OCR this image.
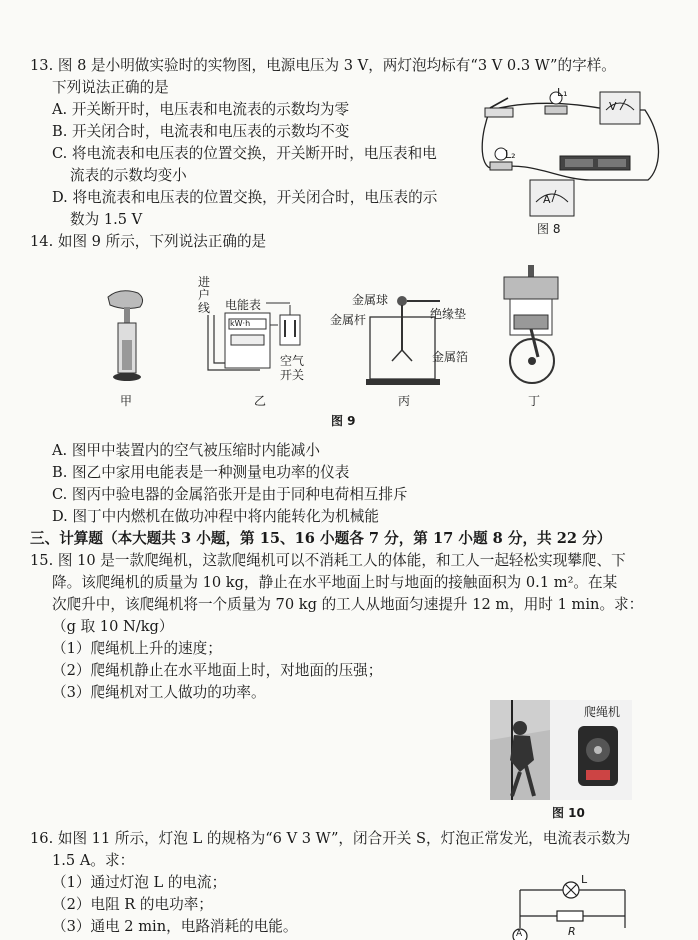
13. 图 8 是小明做实验时的实物图，电源电压为 3 V，两灯泡均标有“3 V 0.3 W”的字样。
下列说法正确的是
A. 开关断开时，电压表和电流表的示数均为零
B. 开关闭合时，电流表和电压表的示数均不变
C. 将电流表和电压表的位置交换，开关断开时，电压表和电
流表的示数均变小
D. 将电流表和电压表的位置交换，开关闭合时，电压表的示
数为 1.5 V
L₁
L₂
V
A
图 8
14. 如图 9 所示，下列说法正确的是
甲
进
户
线 电能表
kW·h
空气
开关
乙
金属球
金属杆	绝缘垫
金属箔
丙	丁
图 9
A. 图甲中装置内的空气被压缩时内能减小
B. 图乙中家用电能表是一种测量电功率的仪表
C. 图丙中验电器的金属箔张开是由于同种电荷相互排斥
D. 图丁中内燃机在做功冲程中将内能转化为机械能
三、计算题（本大题共 3 小题，第 15、16 小题各 7 分，第 17 小题 8 分，共 22 分）
15. 图 10 是一款爬绳机，这款爬绳机可以不消耗工人的体能，和工人一起轻松实现攀爬、下
降。该爬绳机的质量为 10 kg，静止在水平地面上时与地面的接触面积为 0.1 m²。在某
次爬升中，该爬绳机将一个质量为 70 kg 的工人从地面匀速提升 12 m，用时 1 min。求：
（g 取 10 N/kg）
（1）爬绳机上升的速度；
（2）爬绳机静止在水平地面上时，对地面的压强；
（3）爬绳机对工人做功的功率。
爬绳机
图 10
16. 如图 11 所示，灯泡 L 的规格为“6 V 3 W”，闭合开关 S，灯泡正常发光，电流表示数为
1.5 A。求：
（1）通过灯泡 L 的电流；
（2）电阻 R 的电功率；
（3）通电 2 min，电路消耗的电能。
L
R
A
